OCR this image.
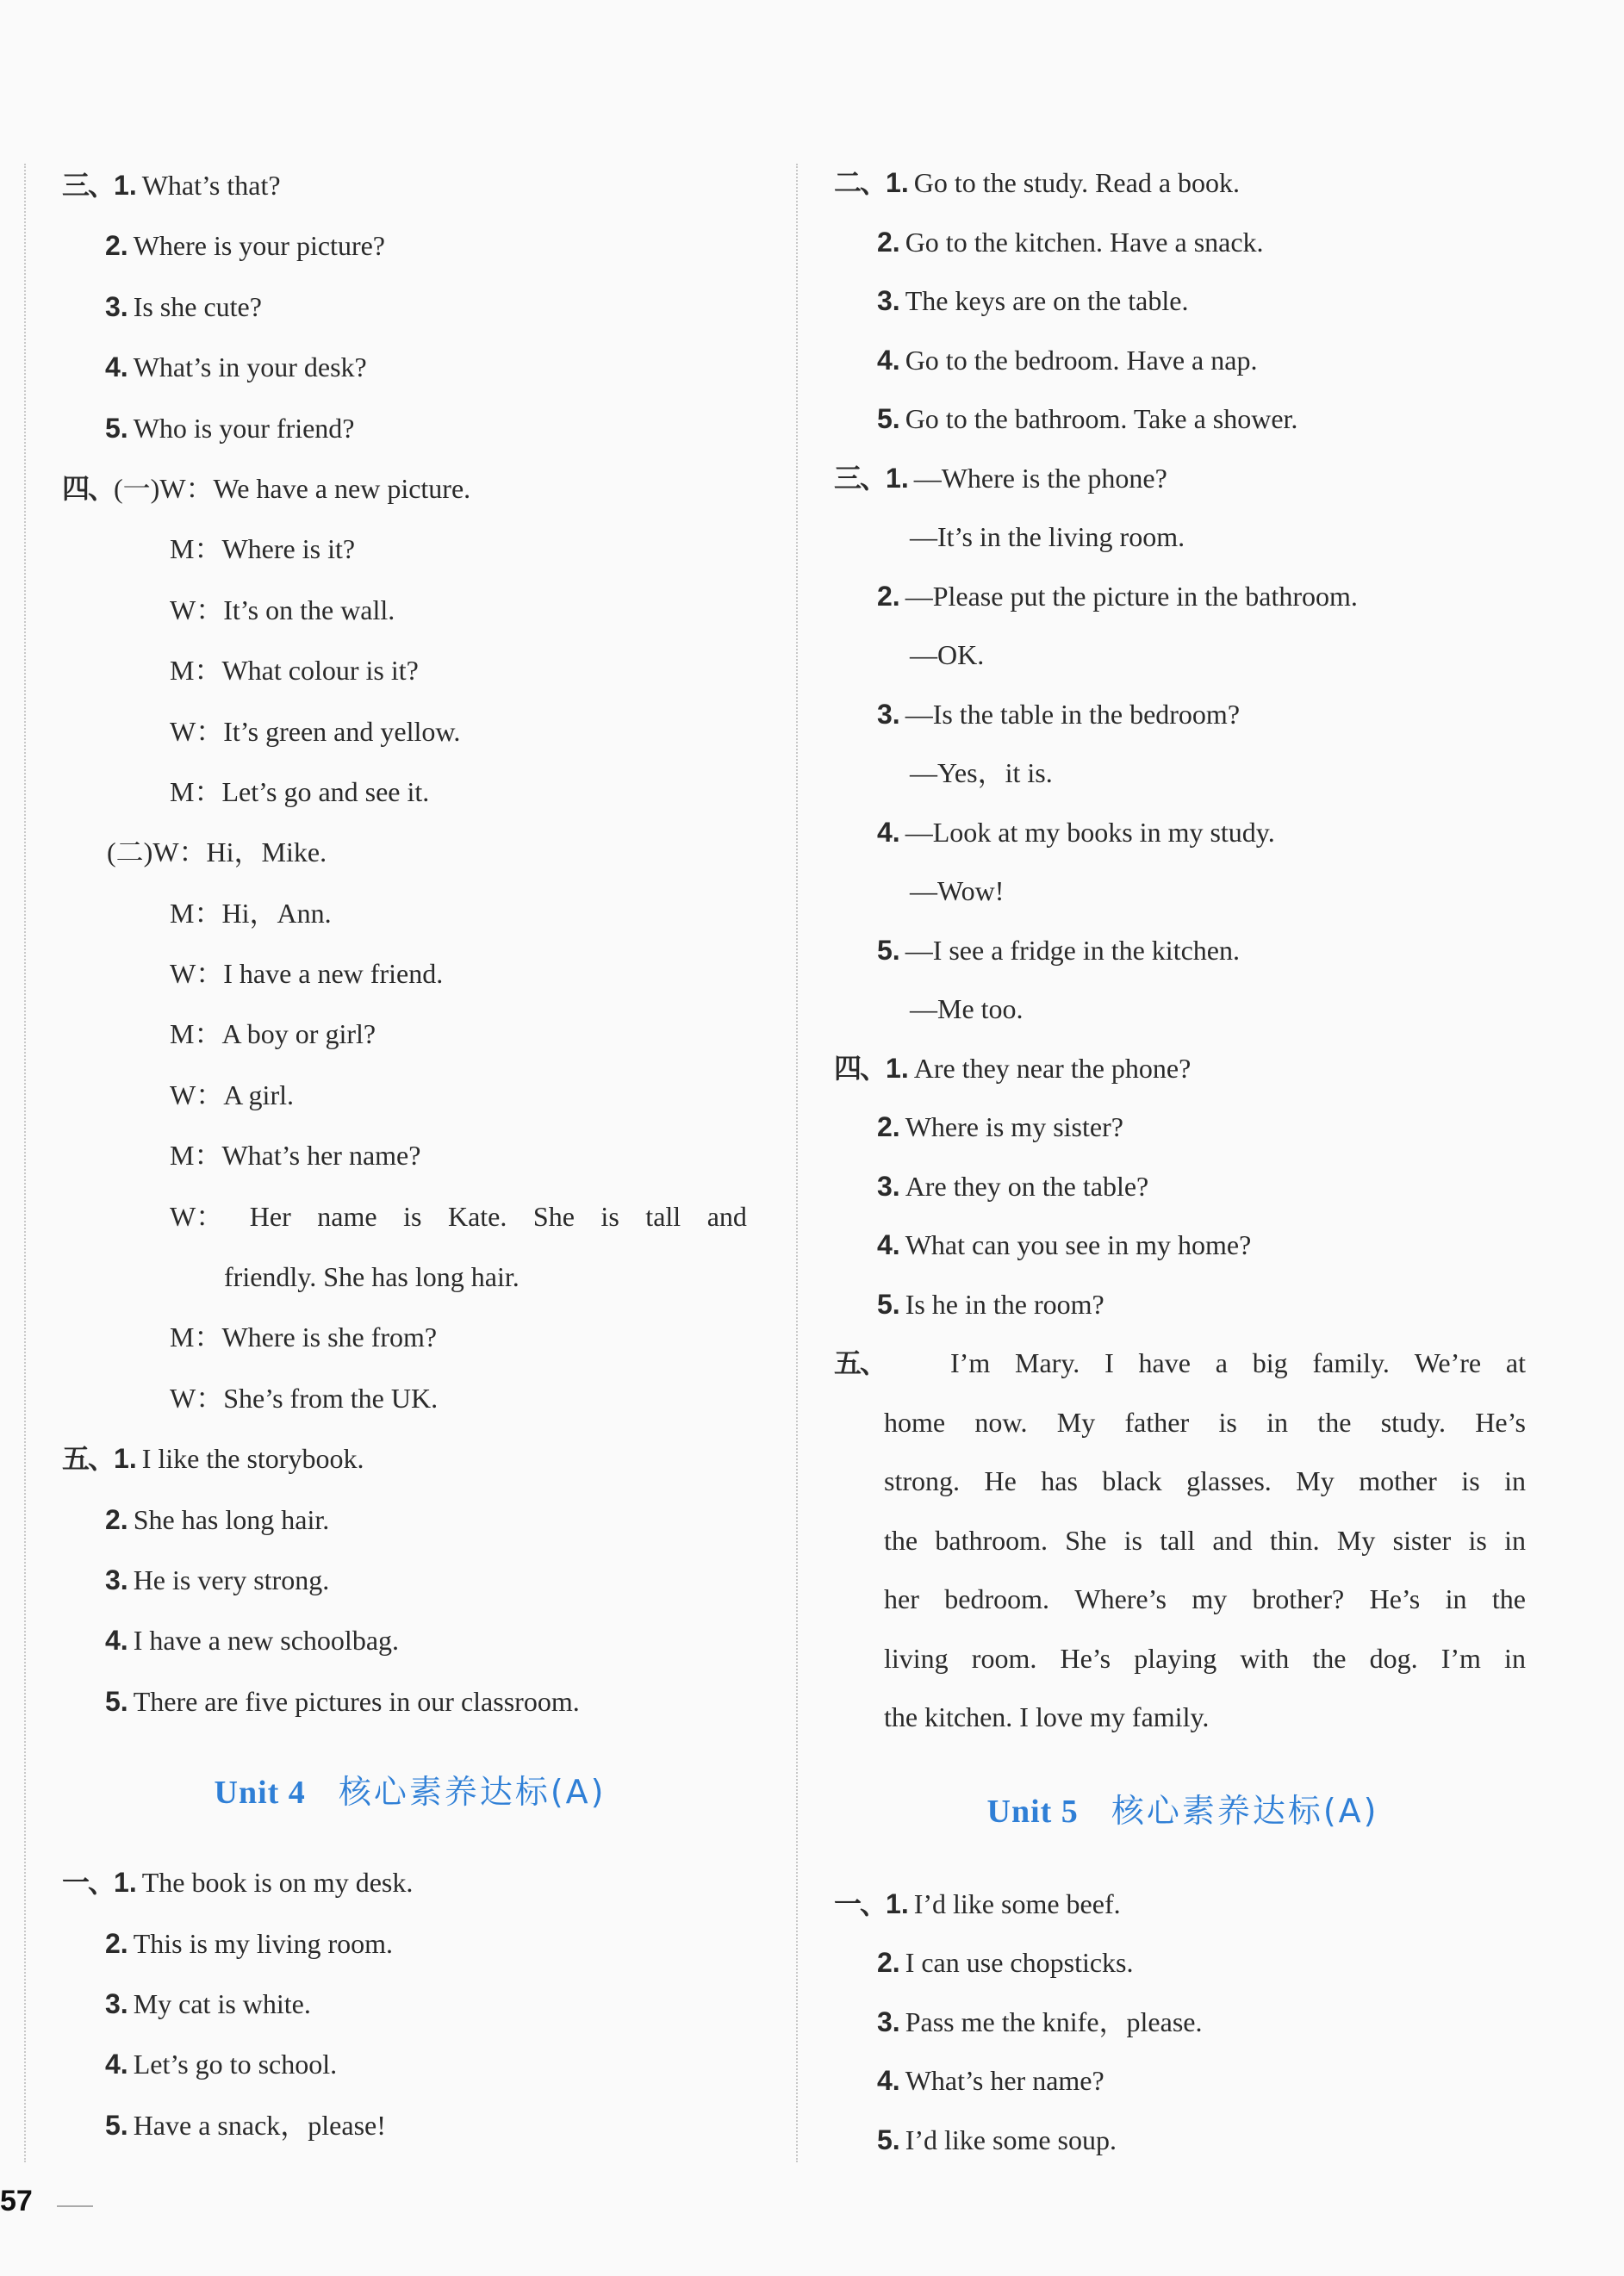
三、1. What’s that?
2. Where is your picture?
3. Is she cute?
4. What’s in your desk?
5. Who is your friend?
四、(一)W：We have a new picture.
M：Where is it?
W：It’s on the wall.
M：What colour is it?
W：It’s green and yellow.
M：Let’s go and see it.
(二)W：Hi，Mike.
M：Hi，Ann.
W：I have a new friend.
M：A boy or girl?
W：A girl.
M：What’s her name?
W： Her name is Kate. She is tall and
friendly. She has long hair.
M：Where is she from?
W：She’s from the UK.
五、1. I like the storybook.
2. She has long hair.
3. He is very strong.
4. I have a new schoolbag.
5. There are five pictures in our classroom.
Unit 4 核心素养达标(A)
一、1. The book is on my desk.
2. This is my living room.
3. My cat is white.
4. Let’s go to school.
5. Have a snack，please!
二、1. Go to the study. Read a book.
2. Go to the kitchen. Have a snack.
3. The keys are on the table.
4. Go to the bedroom. Have a nap.
5. Go to the bathroom. Take a shower.
三、1. —Where is the phone?
—It’s in the living room.
2. —Please put the picture in the bathroom.
—OK.
3. —Is the table in the bedroom?
—Yes，it is.
4. —Look at my books in my study.
—Wow!
5. —I see a fridge in the kitchen.
—Me too.
四、1. Are they near the phone?
2. Where is my sister?
3. Are they on the table?
4. What can you see in my home?
5. Is he in the room?
五、	I’m Mary. I have a big family. We’re at
home now. My father is in the study. He’s
strong. He has black glasses. My mother is in
the bathroom. She is tall and thin. My sister is in
her bedroom. Where’s my brother? He’s in the
living room. He’s playing with the dog. I’m in
the kitchen. I love my family.
Unit 5 核心素养达标(A)
一、1. I’d like some beef.
2. I can use chopsticks.
3. Pass me the knife，please.
4. What’s her name?
5. I’d like some soup.
57
